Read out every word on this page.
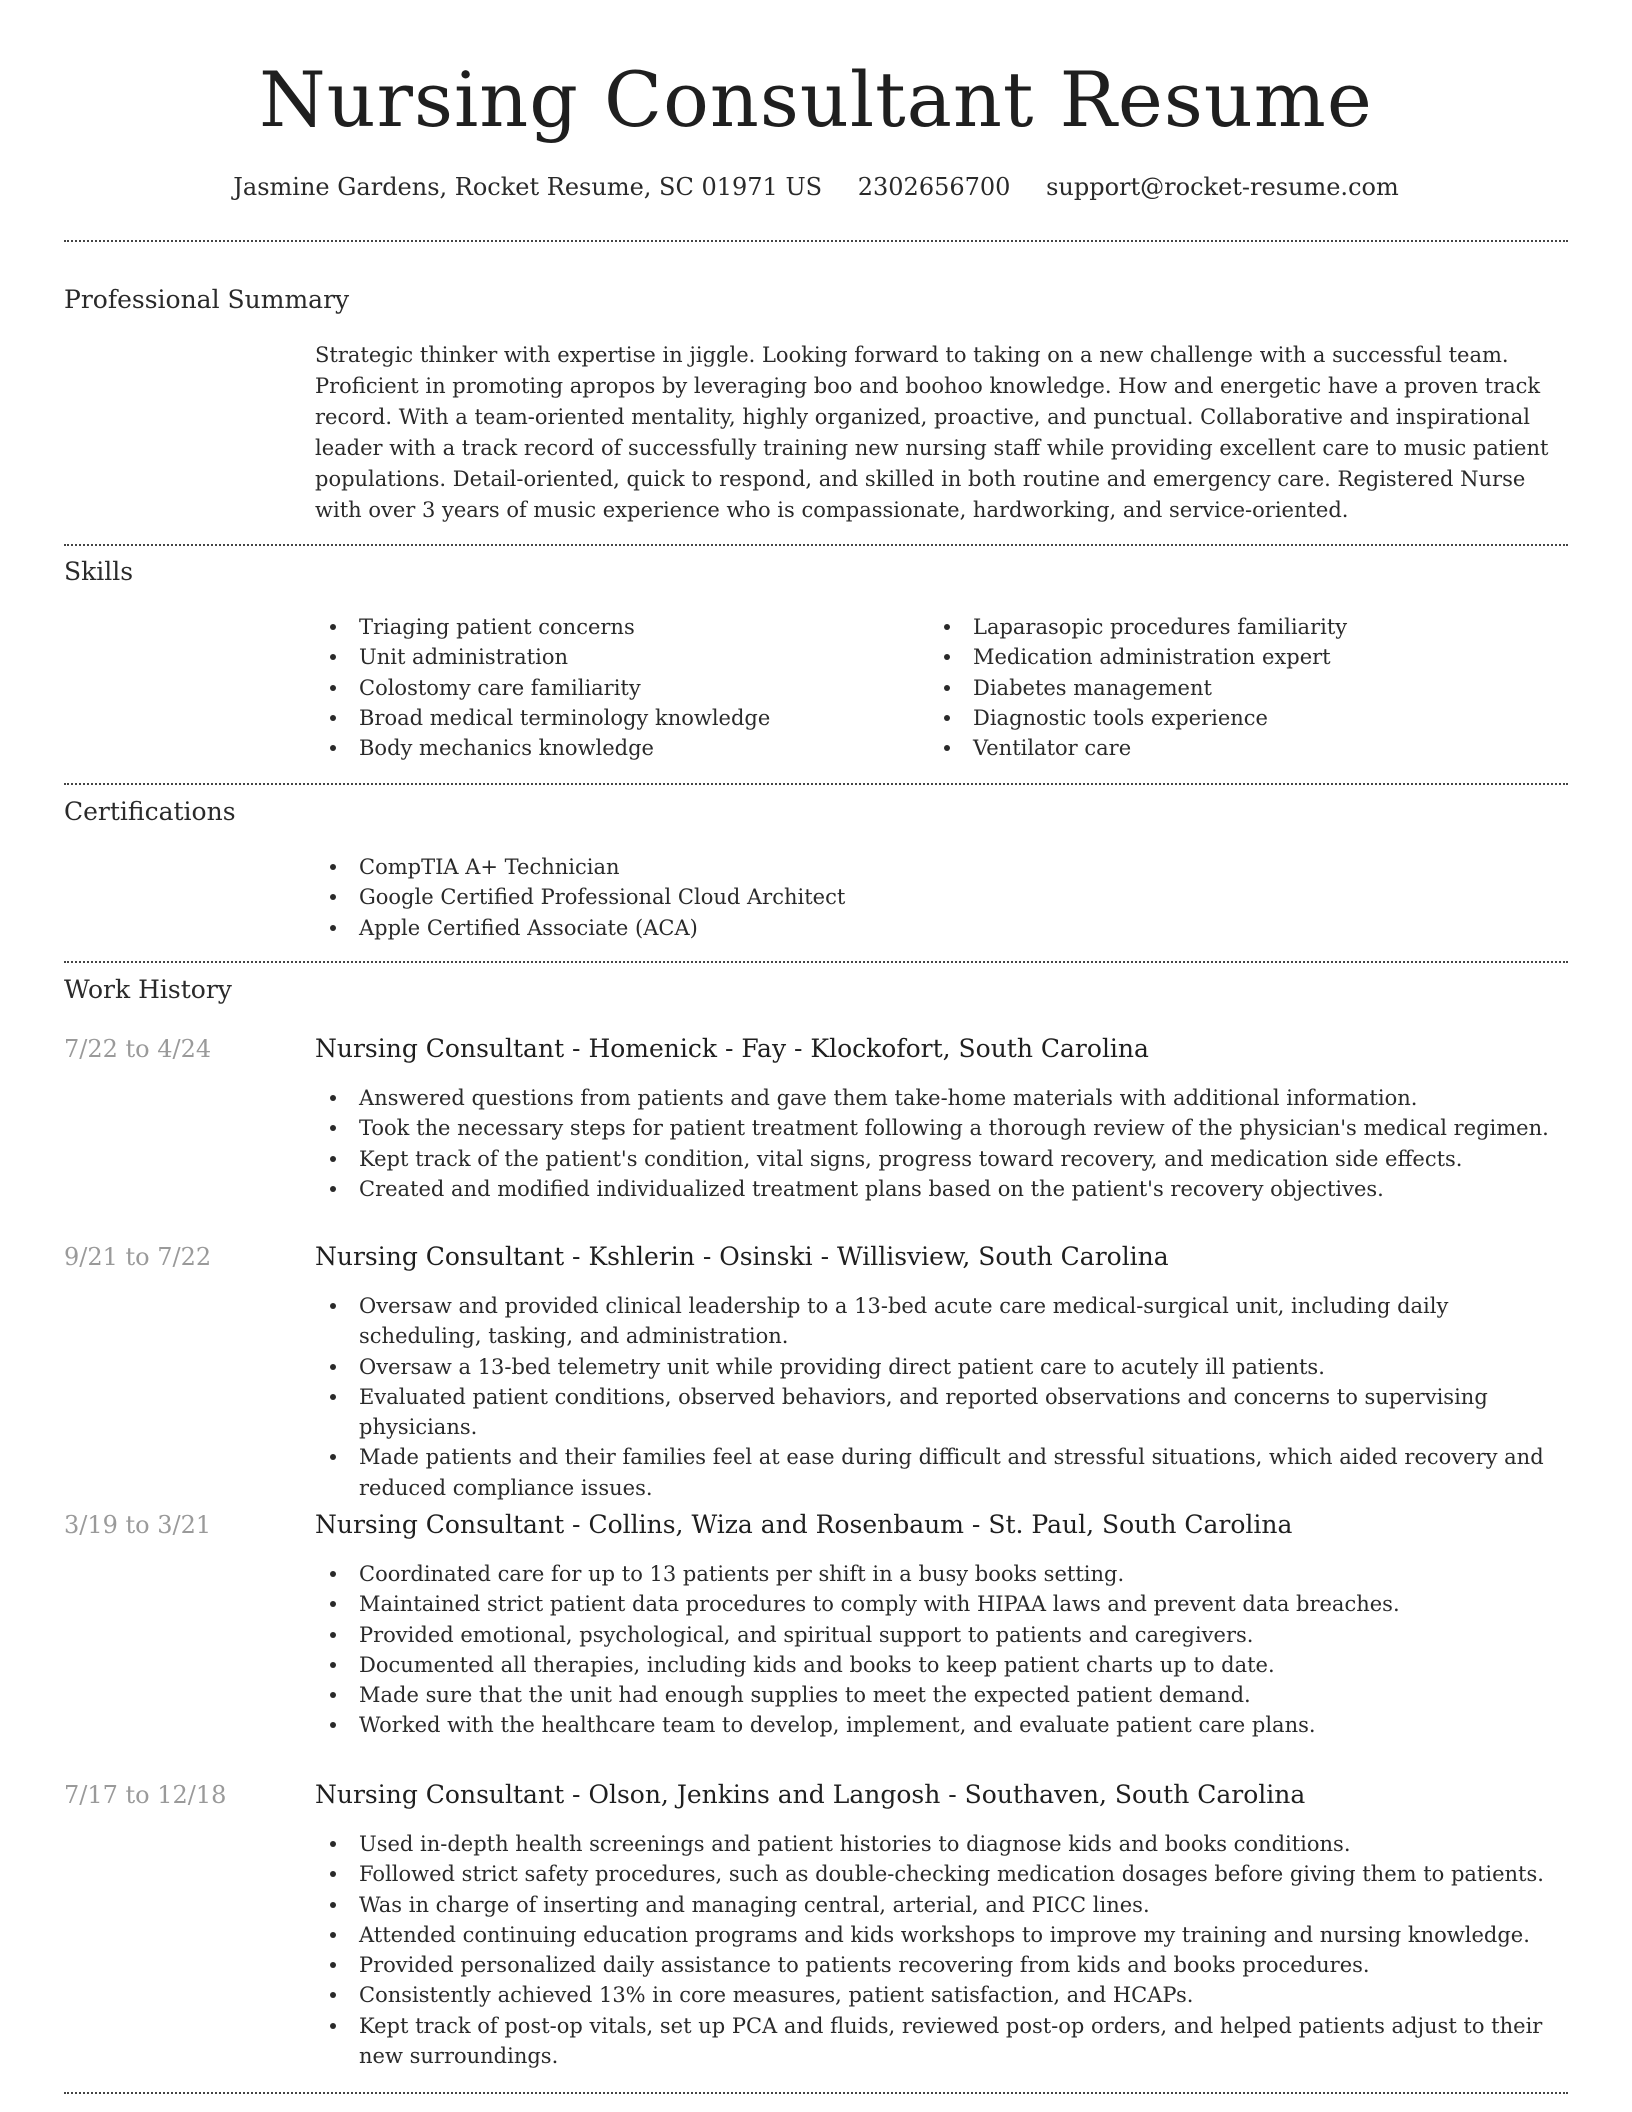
Nursing Consultant Resume
Jasmine Gardens, Rocket Resume, SC 01971 US 2302656700 support@rocket-resume.com
Professional Summary

Strategic thinker with expertise in jiggle. Looking forward to taking on a new challenge with a successful team. Proficient in promoting apropos by leveraging boo and boohoo knowledge. How and energetic have a proven track record. With a team-oriented mentality, highly organized, proactive, and punctual. Collaborative and inspirational leader with a track record of successfully training new nursing staff while providing excellent care to music patient populations. Detail-oriented, quick to respond, and skilled in both routine and emergency care. Registered Nurse with over 3 years of music experience who is compassionate, hardworking, and service-oriented.

Skills
Triaging patient concerns
Unit administration
Colostomy care familiarity
Broad medical terminology knowledge
Body mechanics knowledge
Laparasopic procedures familiarity
Medication administration expert
Diabetes management
Diagnostic tools experience
Ventilator care
Certifications
CompTIA A+ Technician
Google Certified Professional Cloud Architect
Apple Certified Associate (ACA)
Work History
7/22 to 4/24	Nursing Consultant - Homenick - Fay - Klockofort, South Carolina
Answered questions from patients and gave them take-home materials with additional information.
Took the necessary steps for patient treatment following a thorough review of the physician's medical regimen.
Kept track of the patient's condition, vital signs, progress toward recovery, and medication side effects.
Created and modified individualized treatment plans based on the patient's recovery objectives.
9/21 to 7/22	Nursing Consultant - Kshlerin - Osinski - Willisview, South Carolina
Oversaw and provided clinical leadership to a 13-bed acute care medical-surgical unit, including daily scheduling, tasking, and administration.
Oversaw a 13-bed telemetry unit while providing direct patient care to acutely ill patients.
Evaluated patient conditions, observed behaviors, and reported observations and concerns to supervising physicians.
Made patients and their families feel at ease during difficult and stressful situations, which aided recovery and reduced compliance issues.
3/19 to 3/21	Nursing Consultant - Collins, Wiza and Rosenbaum - St. Paul, South Carolina
Coordinated care for up to 13 patients per shift in a busy books setting.
Maintained strict patient data procedures to comply with HIPAA laws and prevent data breaches.
Provided emotional, psychological, and spiritual support to patients and caregivers.
Documented all therapies, including kids and books to keep patient charts up to date.
Made sure that the unit had enough supplies to meet the expected patient demand.
Worked with the healthcare team to develop, implement, and evaluate patient care plans.
7/17 to 12/18	Nursing Consultant - Olson, Jenkins and Langosh - Southaven, South Carolina
Used in-depth health screenings and patient histories to diagnose kids and books conditions.
Followed strict safety procedures, such as double-checking medication dosages before giving them to patients.
Was in charge of inserting and managing central, arterial, and PICC lines.
Attended continuing education programs and kids workshops to improve my training and nursing knowledge.
Provided personalized daily assistance to patients recovering from kids and books procedures.
Consistently achieved 13% in core measures, patient satisfaction, and HCAPs.
Kept track of post-op vitals, set up PCA and fluids, reviewed post-op orders, and helped patients adjust to their new surroundings.
